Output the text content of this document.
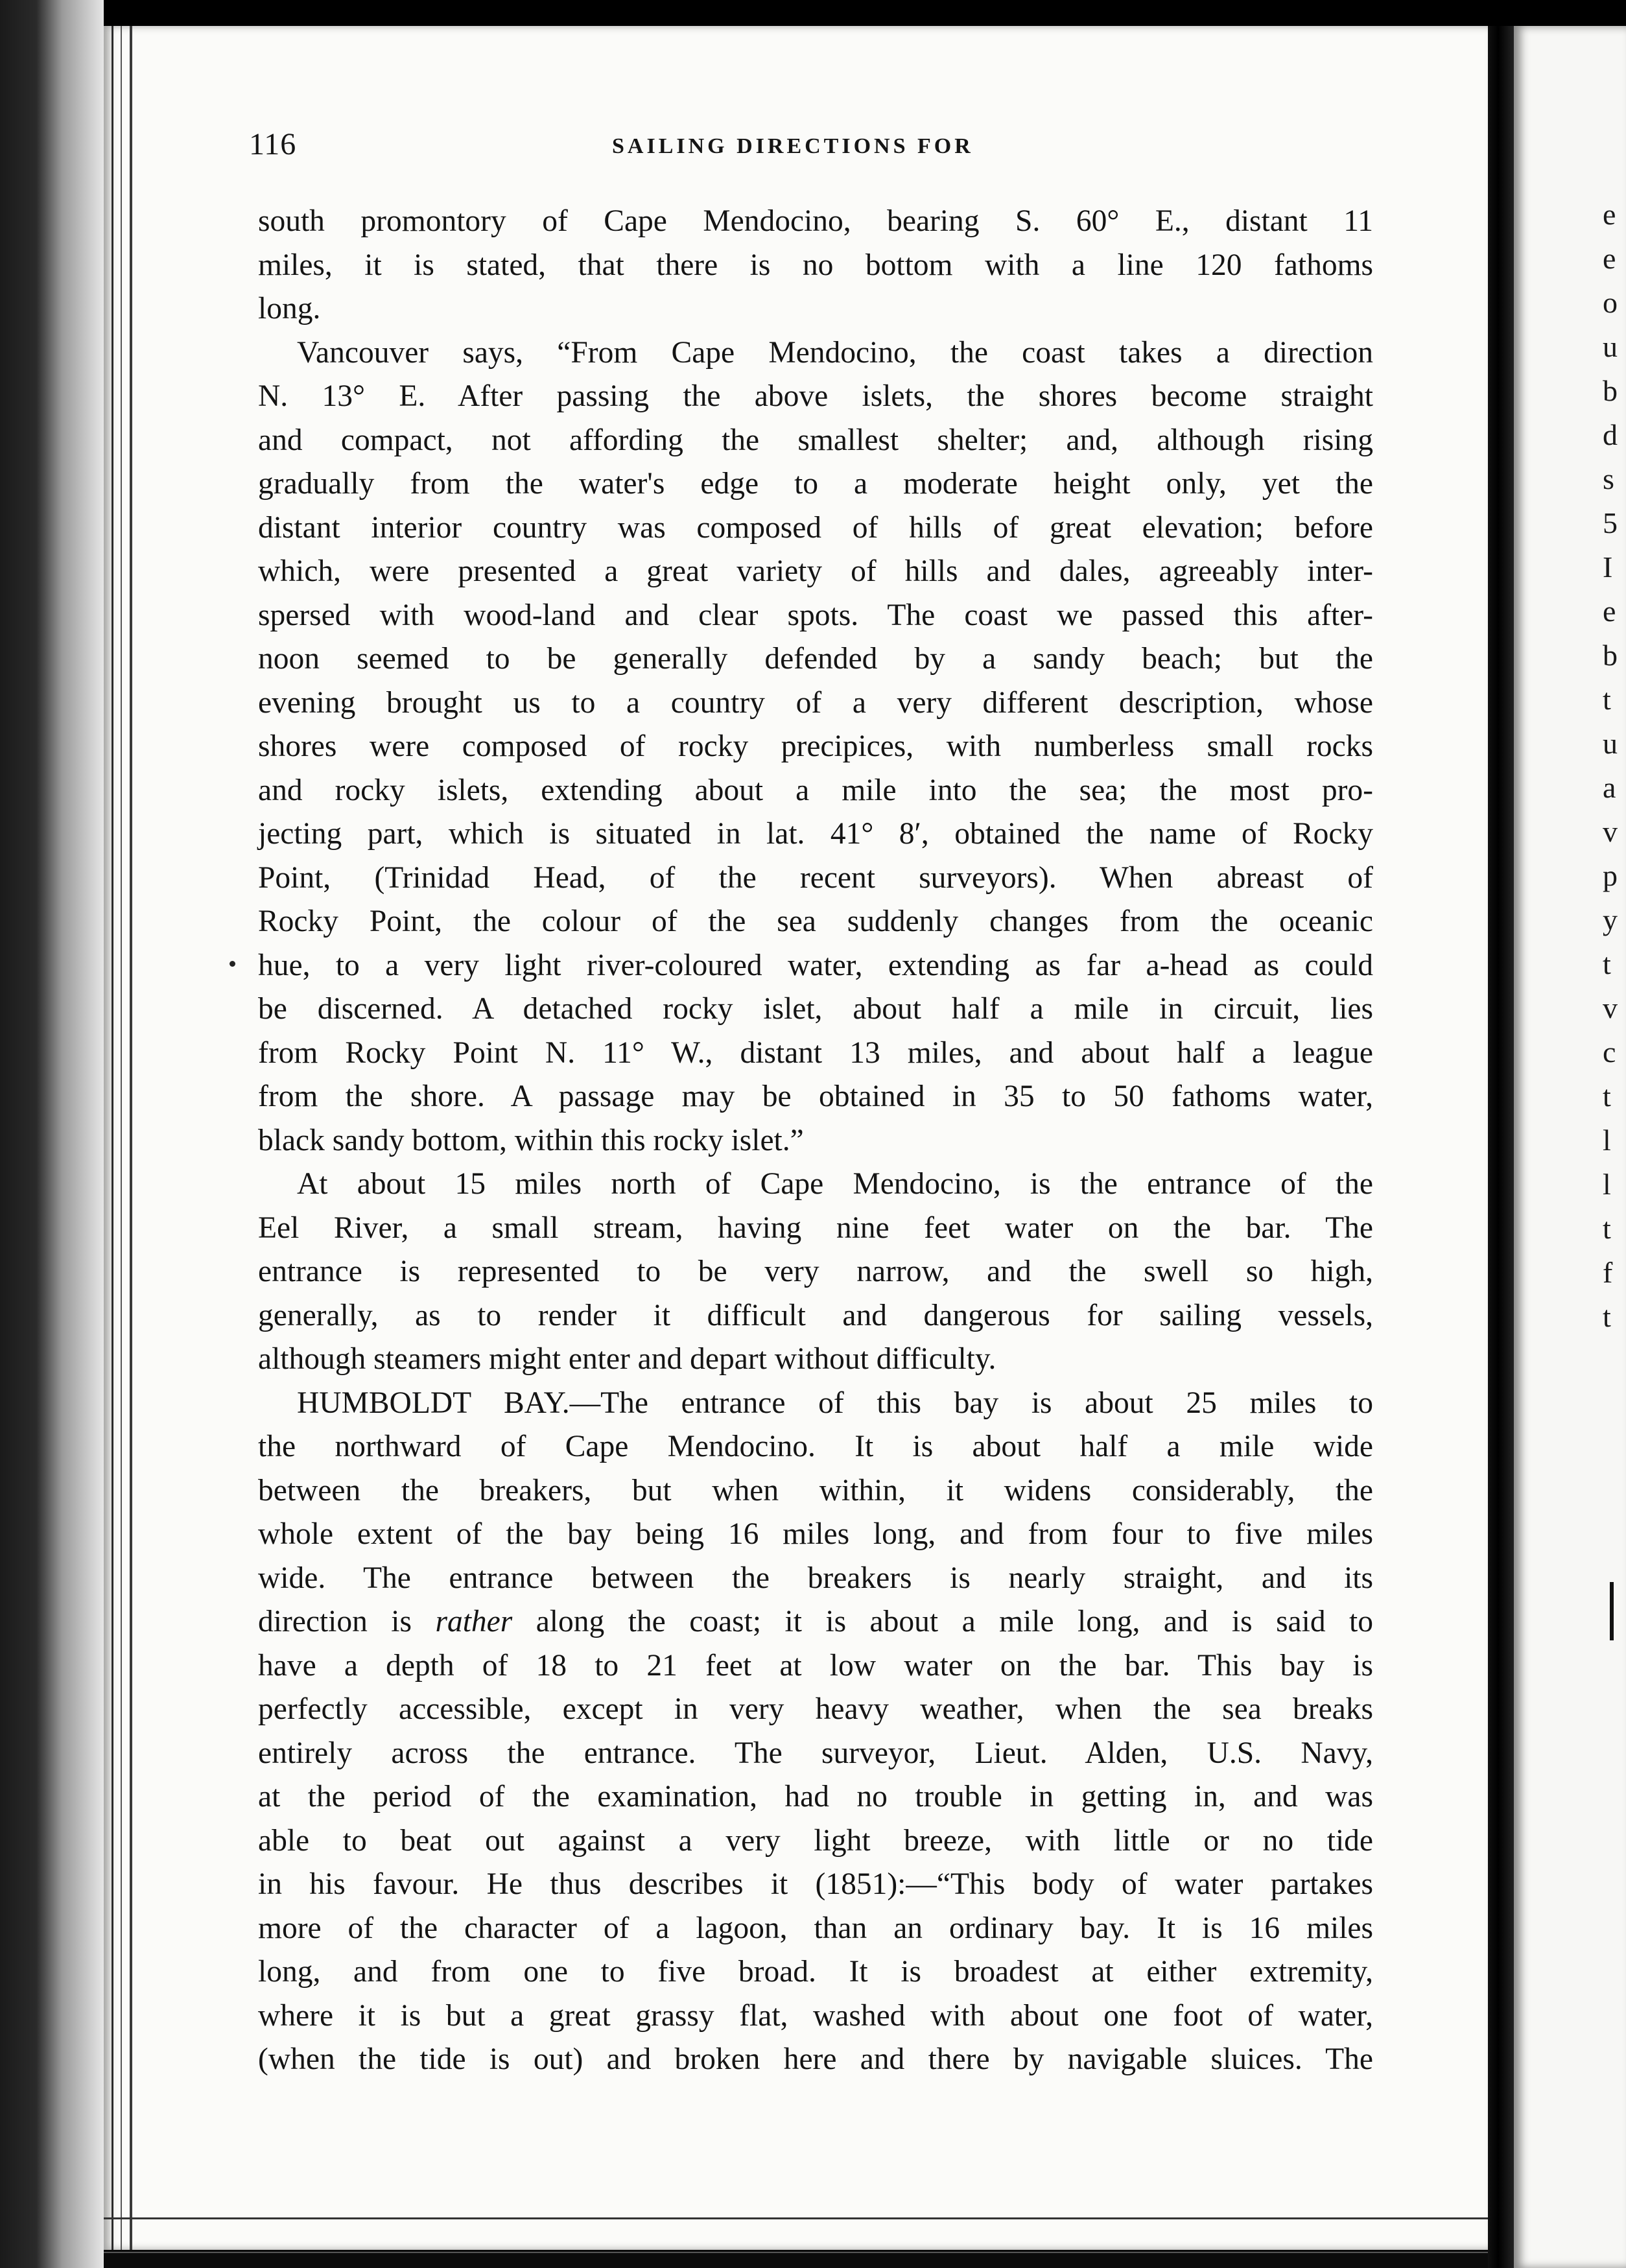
e
e
o
u
b
d
s
5
I
e
b
t
u
a
v
p
y
t
v
c
t
l
l
t
f
t
116	SAILING DIRECTIONS FOR

south promontory of Cape Mendocino, bearing S. 60° E., distant 11

miles, it is stated, that there is no bottom with a line 120 fathoms

long.

Vancouver says, “From Cape Mendocino, the coast takes a direction

N. 13° E. After passing the above islets, the shores become straight

and compact, not affording the smallest shelter; and, although rising

gradually from the water's edge to a moderate height only, yet the

distant interior country was composed of hills of great elevation; before

which, were presented a great variety of hills and dales, agreeably inter-

spersed with wood-land and clear spots. The coast we passed this after-

noon seemed to be generally defended by a sandy beach; but the

evening brought us to a country of a very different description, whose

shores were composed of rocky precipices, with numberless small rocks

and rocky islets, extending about a mile into the sea; the most pro-

jecting part, which is situated in lat. 41° 8′, obtained the name of Rocky

Point, (Trinidad Head, of the recent surveyors). When abreast of

Rocky Point, the colour of the sea suddenly changes from the oceanic

hue, to a very light river-coloured water, extending as far a-head as could

be discerned. A detached rocky islet, about half a mile in circuit, lies

from Rocky Point N. 11° W., distant 13 miles, and about half a league

from the shore. A passage may be obtained in 35 to 50 fathoms water,

black sandy bottom, within this rocky islet.”

At about 15 miles north of Cape Mendocino, is the entrance of the

Eel River, a small stream, having nine feet water on the bar. The

entrance is represented to be very narrow, and the swell so high,

generally, as to render it difficult and dangerous for sailing vessels,

although steamers might enter and depart without difficulty.

HUMBOLDT BAY.—The entrance of this bay is about 25 miles to

the northward of Cape Mendocino. It is about half a mile wide

between the breakers, but when within, it widens considerably, the

whole extent of the bay being 16 miles long, and from four to five miles

wide. The entrance between the breakers is nearly straight, and its

direction is rather along the coast; it is about a mile long, and is said to

have a depth of 18 to 21 feet at low water on the bar. This bay is

perfectly accessible, except in very heavy weather, when the sea breaks

entirely across the entrance. The surveyor, Lieut. Alden, U.S. Navy,

at the period of the examination, had no trouble in getting in, and was

able to beat out against a very light breeze, with little or no tide

in his favour. He thus describes it (1851):—“This body of water partakes

more of the character of a lagoon, than an ordinary bay. It is 16 miles

long, and from one to five broad. It is broadest at either extremity,

where it is but a great grassy flat, washed with about one foot of water,

(when the tide is out) and broken here and there by navigable sluices. The
